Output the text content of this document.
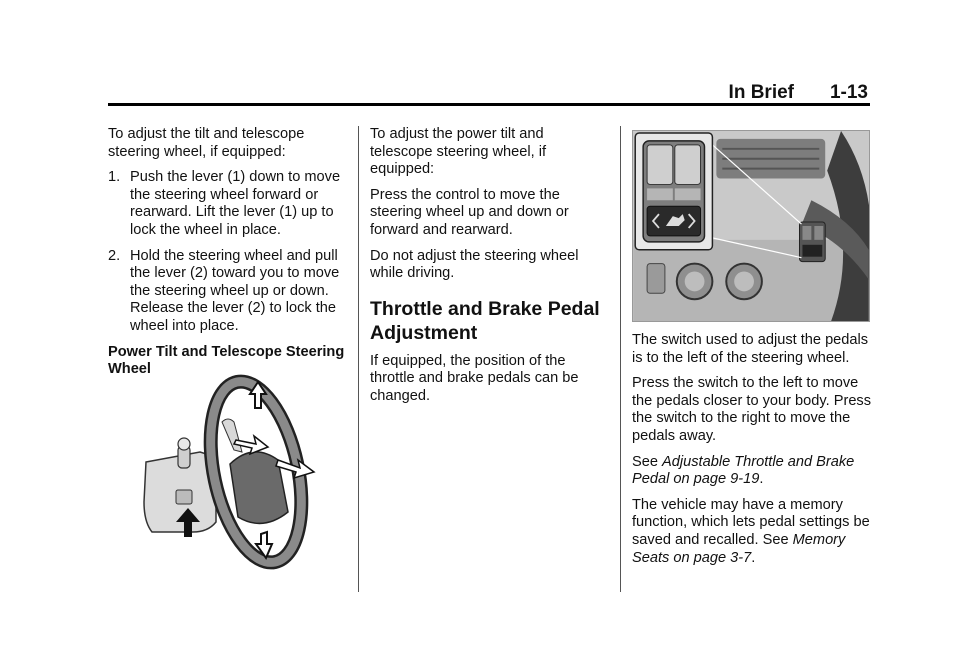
In Brief 1-13

To adjust the tilt and telescope steering wheel, if equipped:

1. Push the lever (1) down to move the steering wheel forward or rearward. Lift the lever (1) up to lock the wheel in place.
2. Hold the steering wheel and pull the lever (2) toward you to move the steering wheel up or down. Release the lever (2) to lock the wheel into place.

Power Tilt and Telescope Steering Wheel

To adjust the power tilt and telescope steering wheel, if equipped:

Press the control to move the steering wheel up and down or forward and rearward.

Do not adjust the steering wheel while driving.

Throttle and Brake Pedal Adjustment

If equipped, the position of the throttle and brake pedals can be changed.

The switch used to adjust the pedals is to the left of the steering wheel.

Press the switch to the left to move the pedals closer to your body. Press the switch to the right to move the pedals away.

See Adjustable Throttle and Brake Pedal on page 9-19.

The vehicle may have a memory function, which lets pedal settings be saved and recalled. See Memory Seats on page 3-7.
